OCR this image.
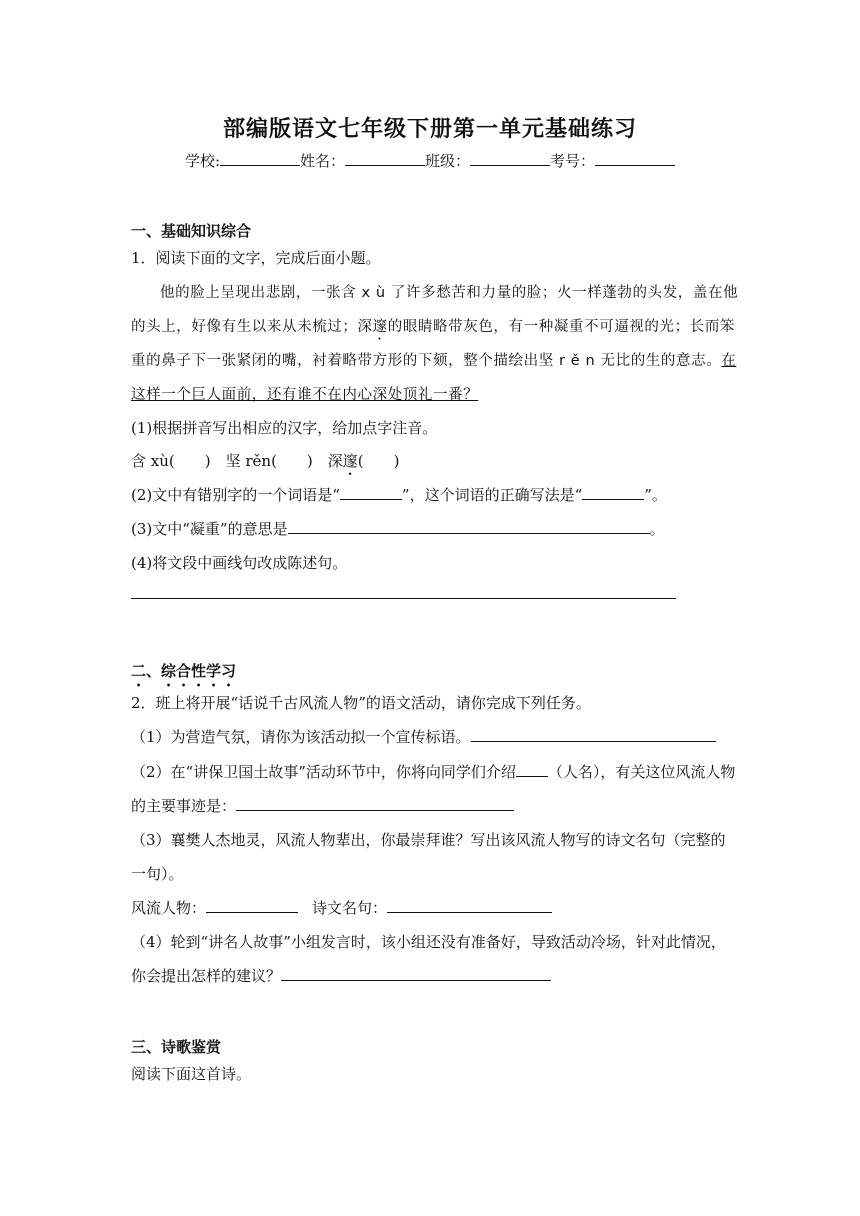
部编版语文七年级下册第一单元基础练习
学校:	姓名：	班级：	考号：
一、基础知识综合
1．阅读下面的文字，完成后面小题。
他的脸上呈现出悲剧，一张含 x ù 了许多愁苦和力量的脸；火一样蓬勃的头发，盖在他
的头上，好像有生以来从未梳过；深邃的眼睛略带灰色，有一种凝重不可逼视的光；长而笨
重的鼻子下一张紧闭的嘴，衬着略带方形的下颏，整个描绘出坚 r ě n 无比的生的意志。在
这样一个巨人面前，还有谁不在内心深处顶礼一番？
(1)根据拼音写出相应的汉字，给加点字注音。
含 xù(　　)　坚 rěn(　　)　深邃(　　)
(2)文中有错别字的一个词语是“	”，这个词语的正确写法是“	”。
(3)文中“凝重”的意思是	。
(4)将文段中画线句改成陈述句。
二、综合性学习
2．班上将开展“话说千古风流人物”的语文活动，请你完成下列任务。
（1）为营造气氛，请你为该活动拟一个宣传标语。
（2）在“讲保卫国土故事”活动环节中，你将向同学们介绍 （人名），有关这位风流人物
的主要事迹是：
（3）襄樊人杰地灵，风流人物辈出，你最崇拜谁？写出该风流人物写的诗文名句（完整的
一句）。
风流人物：	诗文名句：
（4）轮到“讲名人故事”小组发言时，该小组还没有准备好，导致活动冷场，针对此情况，
你会提出怎样的建议？
三、诗歌鉴赏
阅读下面这首诗。
